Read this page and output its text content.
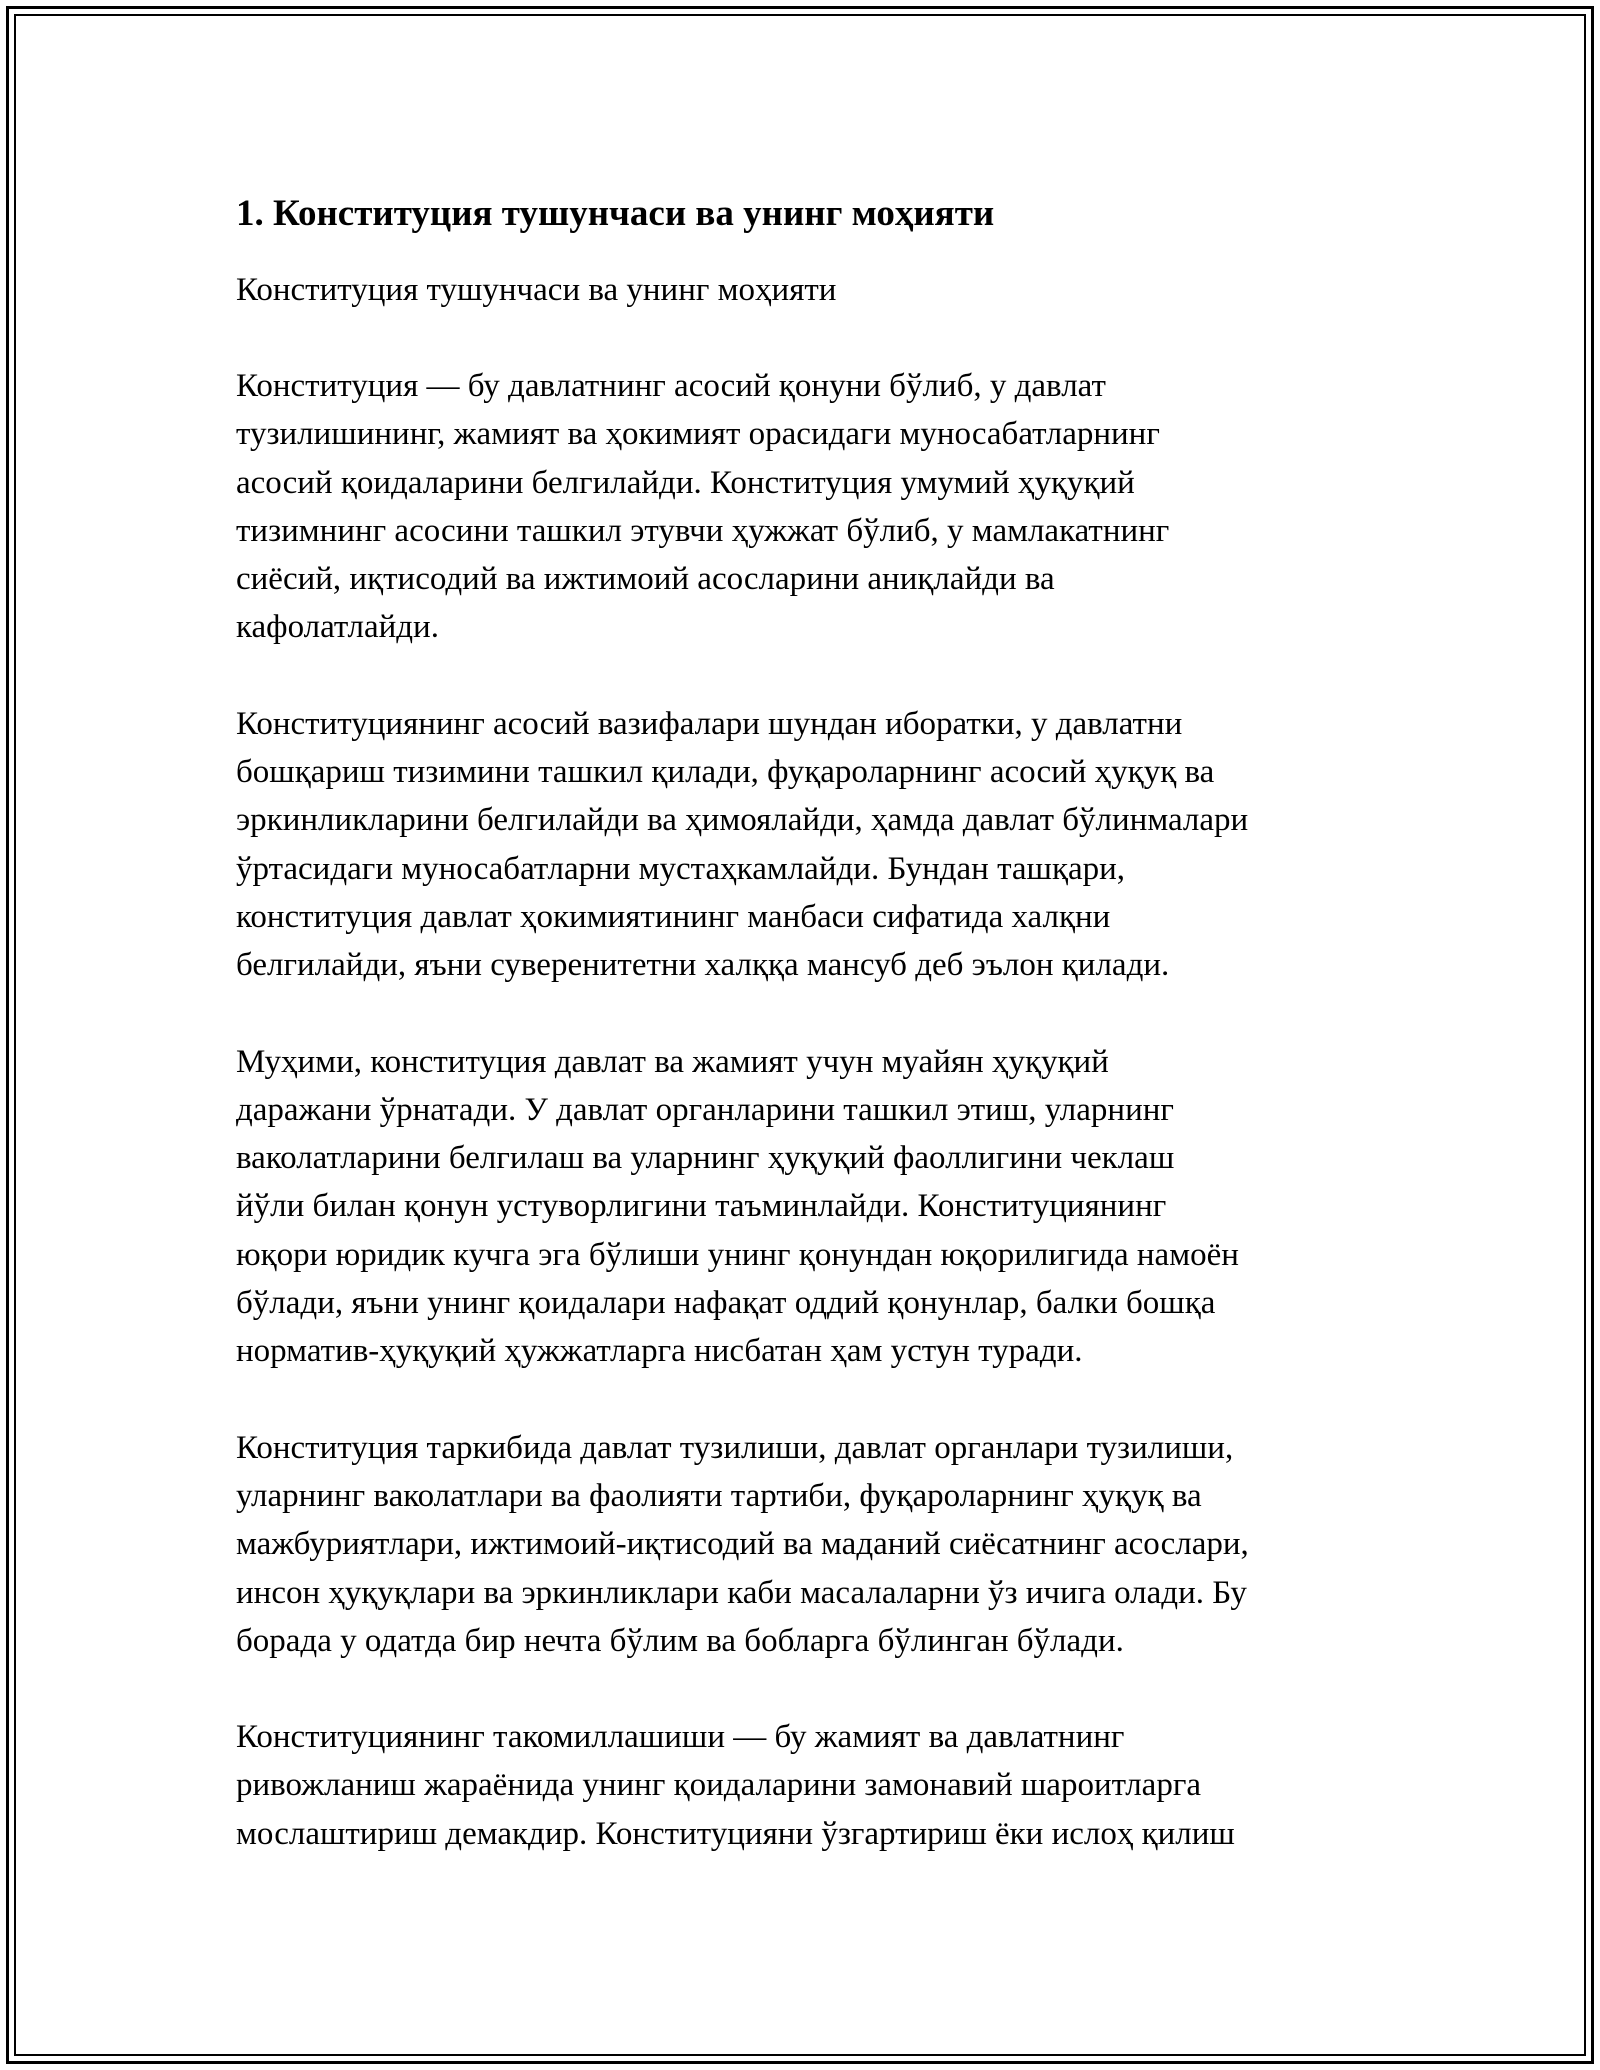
1. Конституция тушунчаси ва унинг моҳияти

Конституция тушунчаси ва унинг моҳияти

Конституция — бу давлатнинг асосий қонуни бўлиб, у давлат
тузилишининг, жамият ва ҳокимият орасидаги муносабатларнинг
асосий қоидаларини белгилайди. Конституция умумий ҳуқуқий
тизимнинг асосини ташкил этувчи ҳужжат бўлиб, у мамлакатнинг
сиёсий, иқтисодий ва ижтимоий асосларини аниқлайди ва
кафолатлайди.

Конституциянинг асосий вазифалари шундан иборатки, у давлатни
бошқариш тизимини ташкил қилади, фуқароларнинг асосий ҳуқуқ ва
эркинликларини белгилайди ва ҳимоялайди, ҳамда давлат бўлинмалари
ўртасидаги муносабатларни мустаҳкамлайди. Бундан ташқари,
конституция давлат ҳокимиятининг манбаси сифатида халқни
белгилайди, яъни суверенитетни халққа мансуб деб эълон қилади.

Муҳими, конституция давлат ва жамият учун муайян ҳуқуқий
даражани ўрнатади. У давлат органларини ташкил этиш, уларнинг
ваколатларини белгилаш ва уларнинг ҳуқуқий фаоллигини чеклаш
йўли билан қонун устуворлигини таъминлайди. Конституциянинг
юқори юридик кучга эга бўлиши унинг қонундан юқорилигида намоён
бўлади, яъни унинг қоидалари нафақат оддий қонунлар, балки бошқа
норматив-ҳуқуқий ҳужжатларга нисбатан ҳам устун туради.

Конституция таркибида давлат тузилиши, давлат органлари тузилиши,
уларнинг ваколатлари ва фаолияти тартиби, фуқароларнинг ҳуқуқ ва
мажбуриятлари, ижтимоий-иқтисодий ва маданий сиёсатнинг асослари,
инсон ҳуқуқлари ва эркинликлари каби масалаларни ўз ичига олади. Бу
борада у одатда бир нечта бўлим ва бобларга бўлинган бўлади.

Конституциянинг такомиллашиши — бу жамият ва давлатнинг
ривожланиш жараёнида унинг қоидаларини замонавий шароитларга
мослаштириш демакдир. Конституцияни ўзгартириш ёки ислоҳ қилиш
